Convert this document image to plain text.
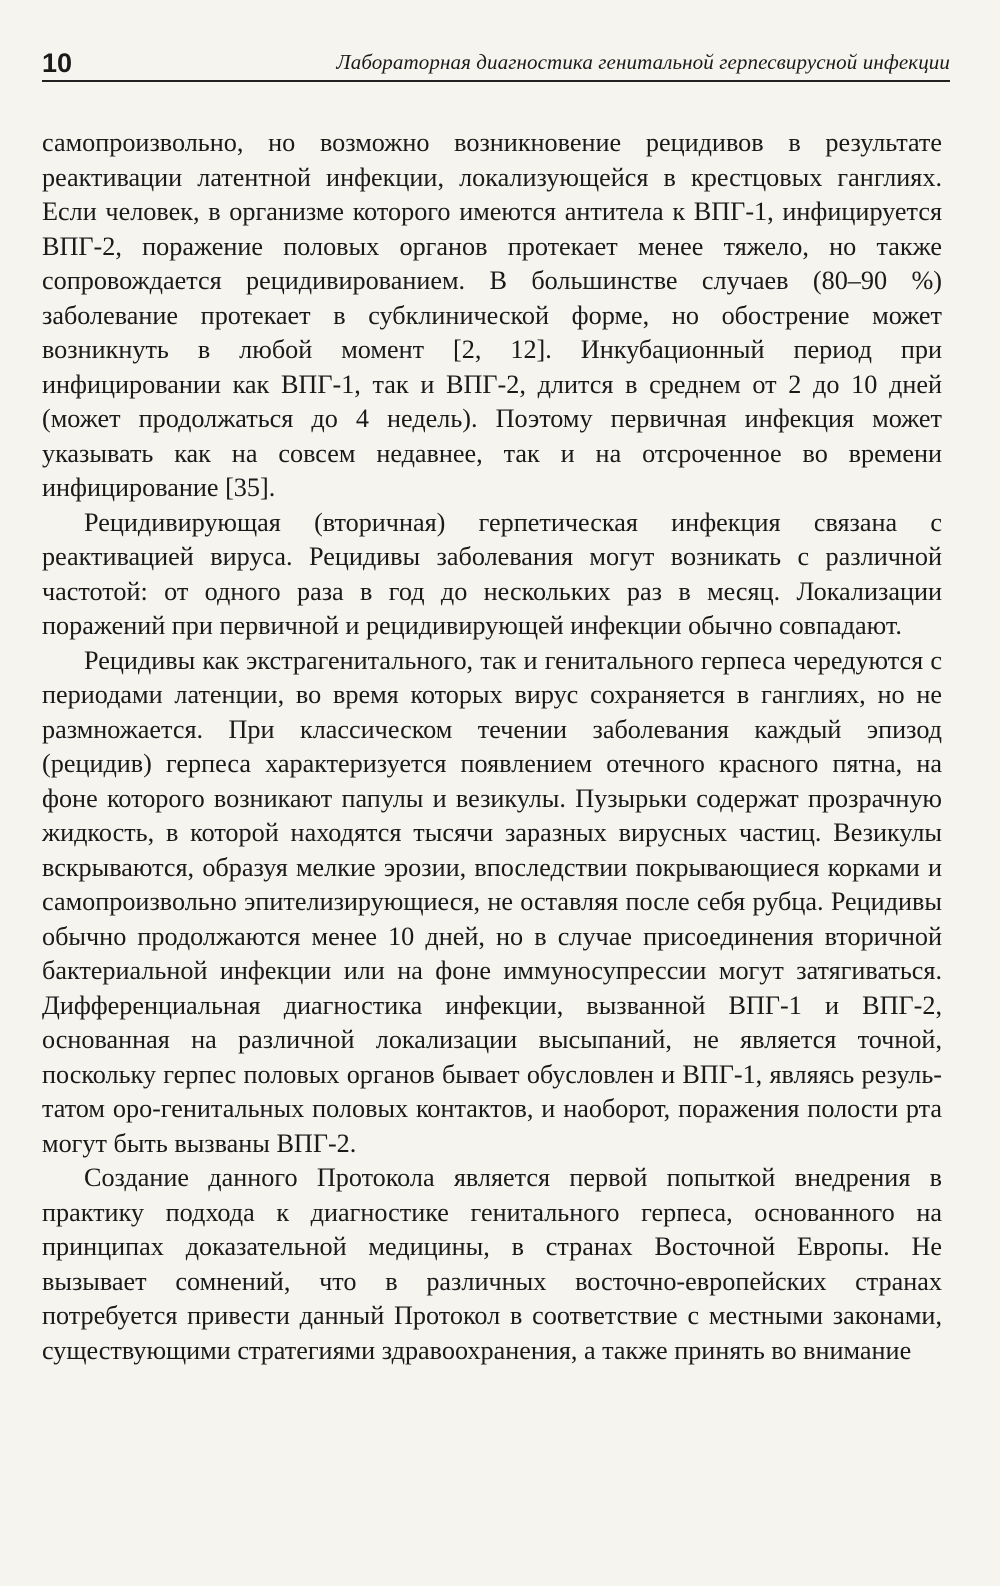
10	Лабораторная диагностика генитальной герпесвирусной инфекции

самопроизвольно, но возможно возникновение рецидивов в результате реактивации латентной инфекции, локализующейся в крестцовых ганглиях. Если человек, в организме которого имеются антитела к ВПГ-1, инфицируется ВПГ-2, поражение половых органов протекает менее тяжело, но также сопровождается рецидивированием. В большинстве случаев (80–90 %) заболевание протекает в субклинической форме, но обострение может возникнуть в любой момент [2, 12]. Инкубационный период при инфицировании как ВПГ-1, так и ВПГ-2, длится в среднем от 2 до 10 дней (может продолжаться до 4 недель). Поэтому первичная инфекция может указывать как на совсем недавнее, так и на отсроченное во времени инфицирование [35].

Рецидивирующая (вторичная) герпетическая инфекция связана с реактивацией вируса. Рецидивы заболевания могут возникать с различной частотой: от одного раза в год до нескольких раз в месяц. Локализации поражений при первичной и рецидивирующей инфекции обычно совпадают.

Рецидивы как экстрагенитального, так и генитального герпеса чередуются с периодами латенции, во время которых вирус сохраняется в ганглиях, но не размножается. При классическом течении заболевания каждый эпизод (рецидив) герпеса характеризуется появлением отечного красного пятна, на фоне которого возникают папулы и везикулы. Пузырьки содержат прозрачную жидкость, в которой находятся тысячи заразных вирусных частиц. Везикулы вскрываются, образуя мелкие эрозии, впоследствии покрывающиеся корками и самопроизвольно эпителизирующиеся, не оставляя после себя рубца. Рецидивы обычно продолжаются менее 10 дней, но в случае присоединения вторичной бактериальной инфекции или на фоне иммуносупрессии могут затягиваться. Дифференциальная диагностика инфекции, вызванной ВПГ-1 и ВПГ-2, основанная на различной локализации высыпаний, не является точной, поскольку герпес половых органов бывает обусловлен и ВПГ-1, являясь результатом оро-генитальных половых контактов, и наоборот, поражения полости рта могут быть вызваны ВПГ-2.

Создание данного Протокола является первой попыткой внедрения в практику подхода к диагностике генитального герпеса, основанного на принципах доказательной медицины, в странах Восточной Европы. Не вызывает сомнений, что в различных восточно-европейских странах потребуется привести данный Протокол в соответствие с местными законами, существующими стратегиями здравоохранения, а также принять во внимание
